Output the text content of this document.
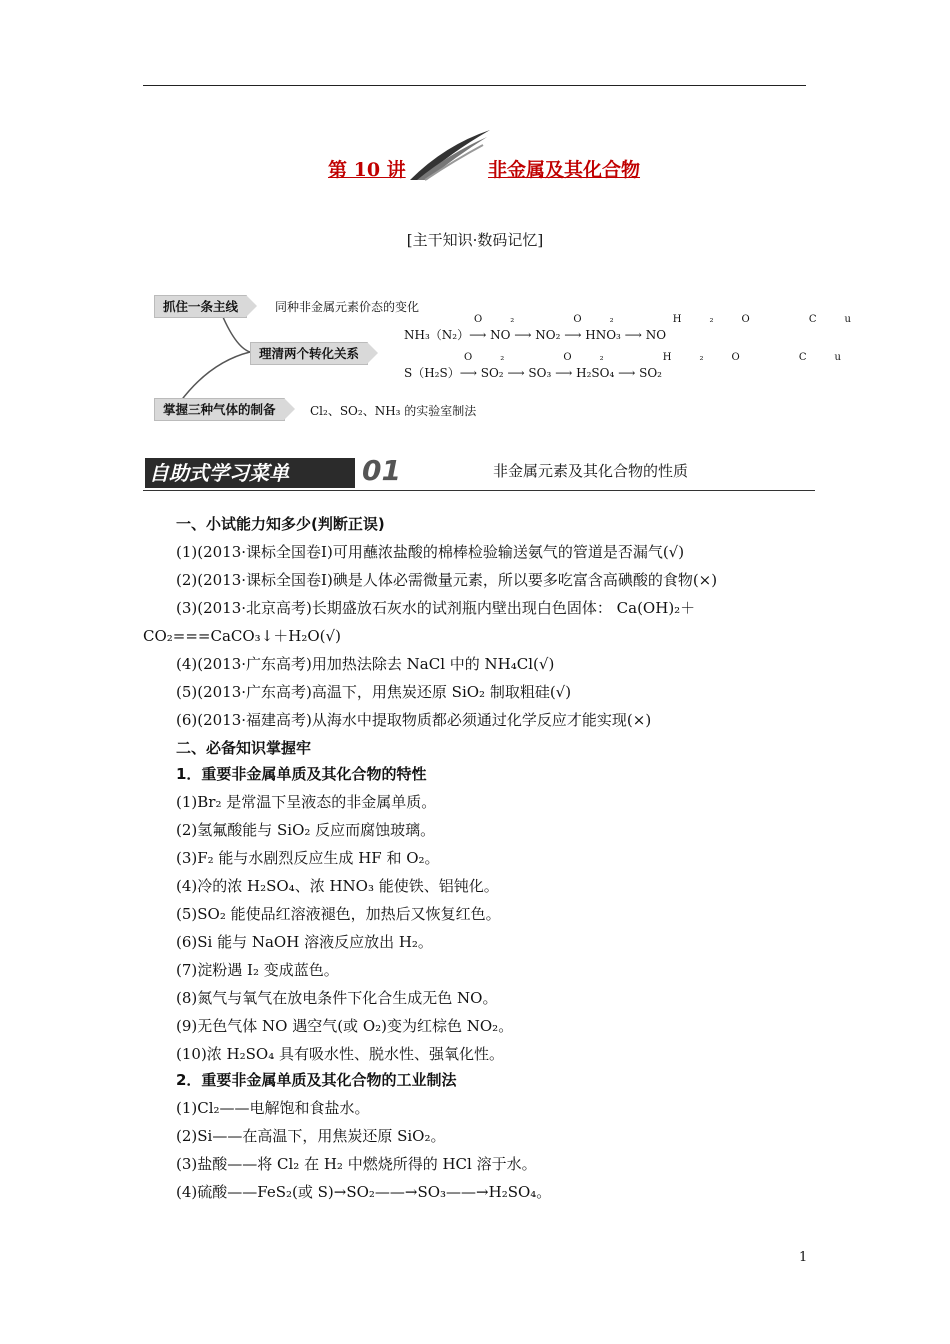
第 10 讲	非金属及其化合物
[主干知识·数码记忆]
抓住一条主线	同种非金属元素价态的变化
理清两个转化关系
O₂ O₂ H₂O Cu
NH₃（N₂）⟶ NO ⟶ NO₂ ⟶ HNO₃ ⟶ NO
O₂ O₂ H₂O Cu
S（H₂S）⟶ SO₂ ⟶ SO₃ ⟶ H₂SO₄ ⟶ SO₂
掌握三种气体的制备	Cl₂、SO₂、NH₃ 的实验室制法
自助式学习菜单	01	非金属元素及其化合物的性质
一、小试能力知多少(判断正误)
(1)(2013·课标全国卷Ⅰ)可用蘸浓盐酸的棉棒检验输送氨气的管道是否漏气(√)
(2)(2013·课标全国卷Ⅰ)碘是人体必需微量元素，所以要多吃富含高碘酸的食物(×)
(3)(2013·北京高考)长期盛放石灰水的试剂瓶内壁出现白色固体： Ca(OH)₂＋
CO₂===CaCO₃↓＋H₂O(√)
(4)(2013·广东高考)用加热法除去 NaCl 中的 NH₄Cl(√)
(5)(2013·广东高考)高温下，用焦炭还原 SiO₂ 制取粗硅(√)
(6)(2013·福建高考)从海水中提取物质都必须通过化学反应才能实现(×)
二、必备知识掌握牢
1．重要非金属单质及其化合物的特性
(1)Br₂ 是常温下呈液态的非金属单质。
(2)氢氟酸能与 SiO₂ 反应而腐蚀玻璃。
(3)F₂ 能与水剧烈反应生成 HF 和 O₂。
(4)冷的浓 H₂SO₄、浓 HNO₃ 能使铁、铝钝化。
(5)SO₂ 能使品红溶液褪色，加热后又恢复红色。
(6)Si 能与 NaOH 溶液反应放出 H₂。
(7)淀粉遇 I₂ 变成蓝色。
(8)氮气与氧气在放电条件下化合生成无色 NO。
(9)无色气体 NO 遇空气(或 O₂)变为红棕色 NO₂。
(10)浓 H₂SO₄ 具有吸水性、脱水性、强氧化性。
2．重要非金属单质及其化合物的工业制法
(1)Cl₂——电解饱和食盐水。
(2)Si——在高温下，用焦炭还原 SiO₂。
(3)盐酸——将 Cl₂ 在 H₂ 中燃烧所得的 HCl 溶于水。
(4)硫酸——FeS₂(或 S)→SO₂——→SO₃——→H₂SO₄。
1
